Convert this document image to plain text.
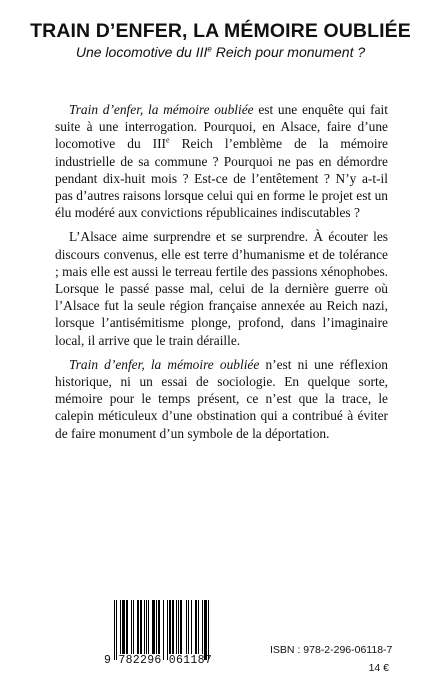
TRAIN D’ENFER, LA MÉMOIRE OUBLIÉE
Une locomotive du IIIe Reich pour monument ?

Train d’enfer, la mémoire oubliée est une enquête qui fait suite à une interrogation. Pourquoi, en Alsace, faire d’une locomotive du IIIe Reich l’emblème de la mémoire industrielle de sa commune ? Pourquoi ne pas en démordre pendant dix-huit mois ? Est-ce de l’entêtement ? N’y a-t-il pas d’autres raisons lorsque celui qui en forme le projet est un élu modéré aux convictions républicaines indiscutables ?

L’Alsace aime surprendre et se surprendre. À écouter les discours convenus, elle est terre d’humanisme et de tolérance ; mais elle est aussi le terreau fertile des passions xénophobes. Lorsque le passé passe mal, celui de la dernière guerre où l’Alsace fut la seule région française annexée au Reich nazi, lorsque l’antisémitisme plonge, profond, dans l’imaginaire local, il arrive que le train déraille.

Train d’enfer, la mémoire oubliée n’est ni une réflexion historique, ni un essai de sociologie. En quelque sorte, mémoire pour le temps présent, ce n’est que la trace, le calepin méticuleux d’une obstination qui a contribué à éviter de faire monument d’un symbole de la déportation.

9 782296 061187
ISBN : 978-2-296-06118-7
14 €
